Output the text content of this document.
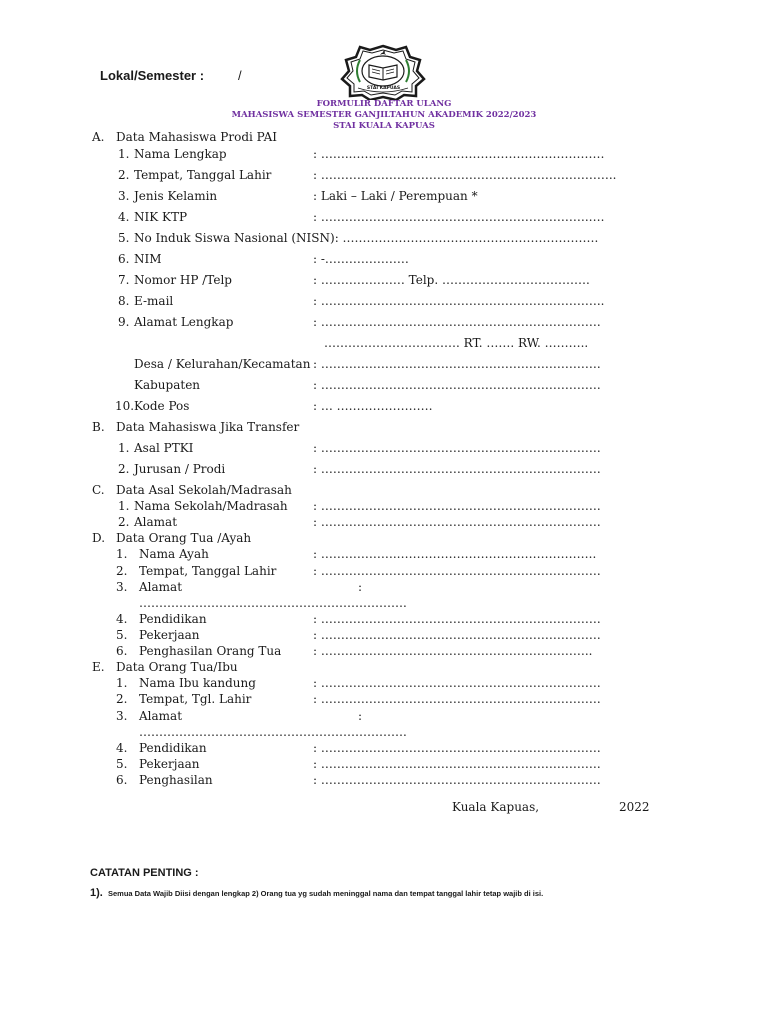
Lokal/Semester :	/
STAI KAPUAS
FORMULIR DAFTAR ULANG
MAHASISWA SEMESTER GANJILTAHUN AKADEMIK 2022/2023
STAI KUALA KAPUAS
A. Data Mahasiswa Prodi PAI
1. Nama Lengkap	: ……..………………………………………………………
2. Tempat, Tanggal Lahir	: ………………………………………………………………..
3. Jenis Kelamin	: Laki – Laki / Perempuan *
4. NIK KTP	: ………………………………………………………….….
5. No Induk Siswa Nasional (NISN): ……………………………………………………….
6. NIM	: -…………………
7. Nomor HP /Telp	: ………………… Telp. ……………………………….
8. E-mail	: ……………………………………………………………..
9. Alamat Lengkap	: …………………………………………………………….
……………………………. RT. ……. RW. ………..
Desa / Kelurahan/Kecamatan : …………………………………………………………….
Kabupaten	: …………………………………………………………….
10. Kode Pos	: … ……………………
B. Data Mahasiswa Jika Transfer
1. Asal PTKI	: …………………………………………………………….
2. Jurusan / Prodi	: …………………………………………………………….
C. Data Asal Sekolah/Madrasah
1. Nama Sekolah/Madrasah : …………………………………………………………….
2. Alamat	: …………………………………………………………….
D. Data Orang Tua /Ayah
1. Nama Ayah	: ……………….…………………………………………..
2. Tempat, Tanggal Lahir	: …………………………………………………………….
3. Alamat	:
………………………………………………………….
4. Pendidikan	: …………………………………………………………….
5. Pekerjaan	: …………………………………………………………….
6. Penghasilan Orang Tua	: …………………………………………………………..
E. Data Orang Tua/Ibu
1. Nama Ibu kandung	: …………………………………………………………….
2. Tempat, Tgl. Lahir	: …………………………………………………………….
3. Alamat	:
………………………………………………………….
4. Pendidikan	: …………………………………………………………….
5. Pekerjaan	: …………………………………………………………….
6. Penghasilan	: …………………………………………………………….
Kuala Kapuas,	2022
CATATAN PENTING :
1). Semua Data Wajib Diisi dengan lengkap 2) Orang tua yg sudah meninggal nama dan tempat tanggal lahir tetap wajib di isi.
